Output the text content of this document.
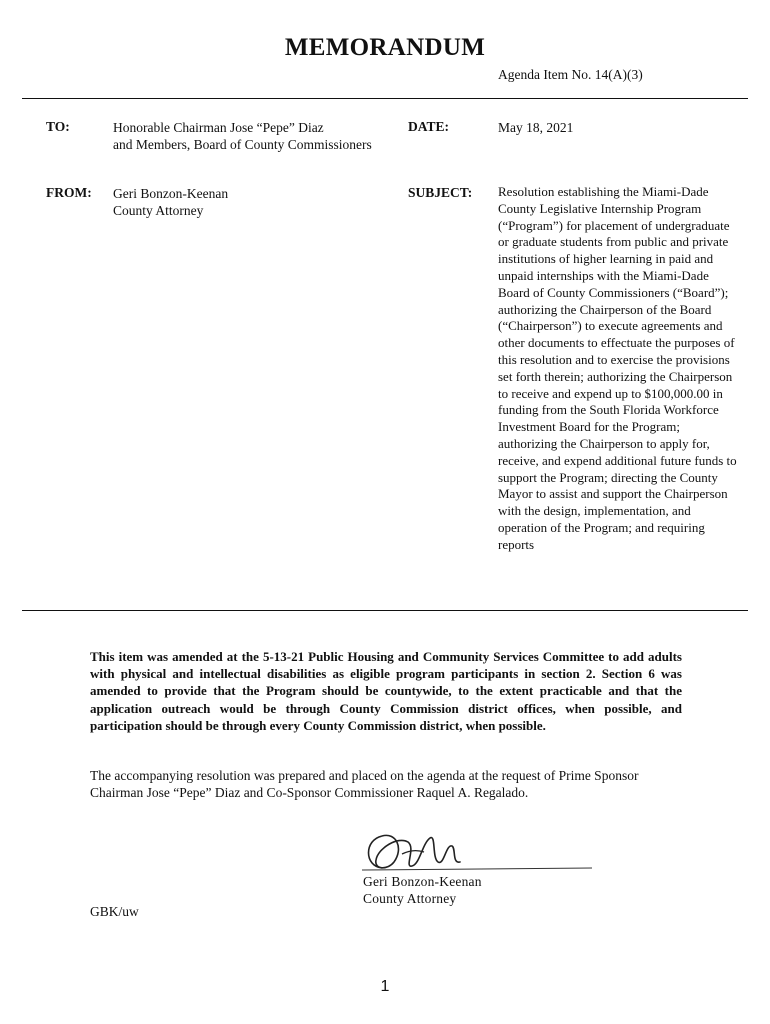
MEMORANDUM
Agenda Item No. 14(A)(3)
TO:	Honorable Chairman Jose “Pepe” Diaz
and Members, Board of County Commissioners
DATE:	May 18, 2021
FROM: Geri Bonzon-Keenan
County Attorney
SUBJECT: Resolution establishing the Miami-Dade County Legislative Internship Program (“Program”) for placement of undergraduate or graduate students from public and private institutions of higher learning in paid and unpaid internships with the Miami-Dade Board of County Commissioners (“Board”); authorizing the Chairperson of the Board (“Chairperson”) to execute agreements and other documents to effectuate the purposes of this resolution and to exercise the provisions set forth therein; authorizing the Chairperson to receive and expend up to $100,000.00 in funding from the South Florida Workforce Investment Board for the Program; authorizing the Chairperson to apply for, receive, and expend additional future funds to support the Program; directing the County Mayor to assist and support the Chairperson with the design, implementation, and operation of the Program; and requiring reports
This item was amended at the 5-13-21 Public Housing and Community Services Committee to add adults with physical and intellectual disabilities as eligible program participants in section 2. Section 6 was amended to provide that the Program should be countywide, to the extent practicable and that the application outreach would be through County Commission district offices, when possible, and participation should be through every County Commission district, when possible.
The accompanying resolution was prepared and placed on the agenda at the request of Prime Sponsor Chairman Jose “Pepe” Diaz and Co-Sponsor Commissioner Raquel A. Regalado.
Geri Bonzon-Keenan
County Attorney
GBK/uw
1
